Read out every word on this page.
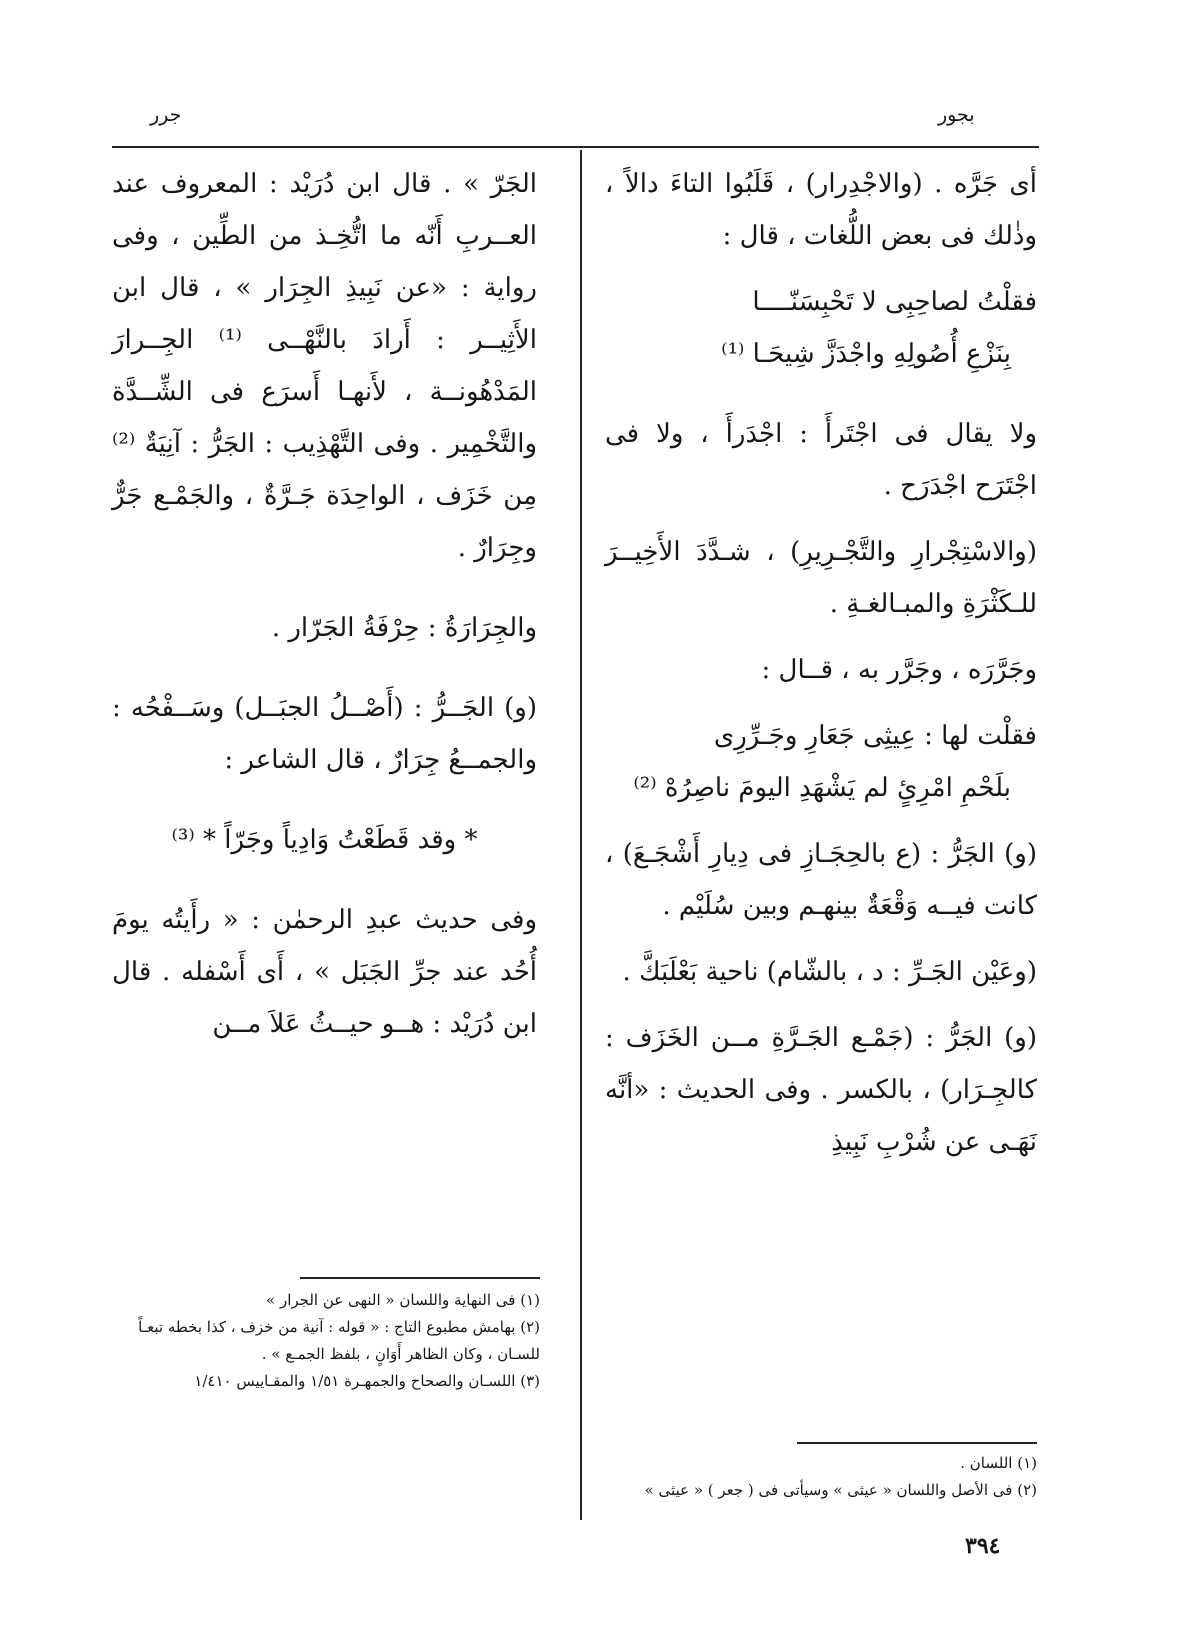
جرر	بجور

أى جَرَّه . (والاجْدِرار) ، قَلَبُوا التاءَ دالاً ، وذٰلك فى بعض اللُّغات ، قال :

فقلْتُ لصاحِبِى لا تَحْبِسَنّــــا
بِنَزْعِ أُصُولِهِ واجْدَزَّ شِيحَـا ⁽¹⁾

ولا يقال فى اجْتَرأَ : اجْدَرأَ ، ولا فى اجْتَرَح اجْدَرَح .

(والاسْتِجْرارِ والتَّجْـرِيرِ) ، شـدَّدَ الأَخِيــرَ للـكَثْرَةِ والمبـالغـةِ .

وجَرَّرَه ، وجَرَّر به ، قــال :

فقلْت لها : عِيثِى جَعَارِ وجَـرِّرِى
بلَحْمِ امْرِئٍ لم يَشْهَدِ اليومَ ناصِرُهْ ⁽²⁾

(و) الجَرُّ : (ع بالحِجَـازِ فى دِيارِ أَشْجَـعَ) ، كانت فيــه وَقْعَةٌ بينهـم وبين سُلَيْم .

(وعَيْن الجَـرِّ : د ، بالشّام) ناحية بَعْلَبَكَّ .

(و) الجَرُّ : (جَمْـع الجَـرَّةِ مــن الخَزَف : كالجِـرَار) ، بالكسر . وفى الحديث : «أنَّه نَهَـى عن شُرْبِ نَبِيذِ

الجَرّ » . قال ابن دُرَيْد : المعروف عند العــربِ أَنّه ما اتُّخِـذ من الطِّين ، وفى رواية : «عن نَبِيذِ الجِرَار » ، قال ابن الأَثِيــر : أَرادَ بالنَّهْــى ⁽¹⁾ الجِــرارَ المَدْهُونــة ، لأَنهـا أَسرَع فى الشِّــدَّة والتَّخْمِير . وفى التَّهْذِيب : الجَرُّ : آنِيَةٌ ⁽²⁾ مِن خَزَف ، الواحِدَة جَـرَّةٌ ، والجَمْـع جَرٌّ وجِرَارٌ .

والجِرَارَةُ : حِرْفَةُ الجَرّار .

(و) الجَــرُّ : (أَصْــلُ الجبَــل) وسَــفْحُه : والجمــعُ جِرَارٌ ، قال الشاعر :

* وقد قَطَعْتُ وَادِياً وجَرّاً * ⁽³⁾

وفى حديث عبدِ الرحمٰن : « رأَيتُه يومَ أُحُد عند جرِّ الجَبَل » ، أَى أَسْفله . قال ابن دُرَيْد : هــو حيــثُ عَلاَ مــن

(١) فى النهاية واللسان « النهى عن الجرار »
(٢) بهامش مطبوع التاج : « قوله : آنية من خزف ، كذا بخطه تبعـاً للسـان ، وكان الظاهر أَوَانٍ ، بلفظ الجمـع » .
(٣) اللسـان والصحاح والجمهـرة ١/٥١ والمقـاييس ١/٤١٠
(١) اللسان .
(٢) فى الأصل واللسان « عيثى » وسيأتى فى ( جعر ) « عيثى »
٣٩٤
